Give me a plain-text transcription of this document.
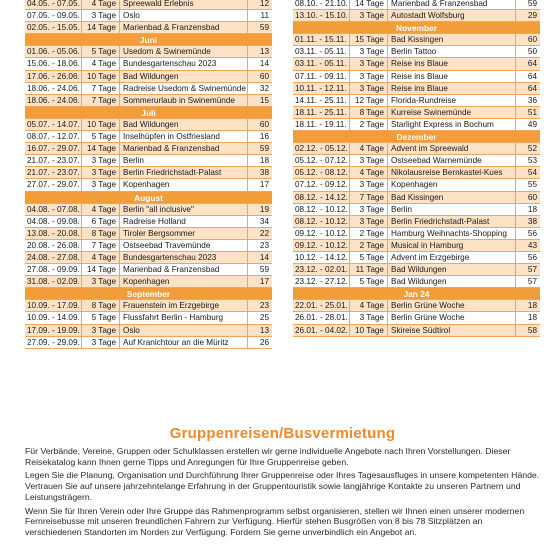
04.05. - 07.05.	4 Tage Spreewald Erlebnis	12
07.05. - 09.05.	3 Tage Oslo	11
02.05. - 15.05. 14 Tage Marienbad & Franzensbad	59
Juni
01.06. - 05.06.	5 Tage Usedom & Swinemünde	13
15.06. - 18.06.	4 Tage Bundesgartenschau 2023	14
17.06. - 26.06. 10 Tage Bad Wildungen	60
18.06. - 24.06.	7 Tage Radreise Usedom & Swinemünde	32
18.06. - 24.06.	7 Tage Sommerurlaub in Swinemünde	15
Juli
05.07. - 14.07. 10 Tage Bad Wildungen	60
08.07. - 12.07.	5 Tage Inselhüpfen in Ostfriesland	16
16.07. - 29.07. 14 Tage Marienbad & Franzensbad	59
21.07. - 23.07.	3 Tage Berlin	18
21.07. - 23.07.	3 Tage Berlin Friedrichstadt-Palast	38
27.07. - 29.07.	3 Tage Kopenhagen	17
August
04.08. - 07.08.	4 Tage Berlin "all inclusive"	19
04.08. - 09.08.	6 Tage Radreise Holland	34
13.08. - 20.08.	8 Tage Tiroler Bergsommer	22
20.08. - 26.08.	7 Tage Ostseebad Travemünde	23
24.08. - 27.08.	4 Tage Bundesgartenschau 2023	14
27.08. - 09.09. 14 Tage Marienbad & Franzensbad	59
31.08. - 02.09.	3 Tage Kopenhagen	17
September
10.09. - 17.09.	8 Tage Frauenstein im Erzgebirge	23
10.09. - 14.09.	5 Tage Flussfahrt Berlin - Hamburg	25
17.09. - 19.09.	3 Tage Oslo	13
27.09. - 29.09.	3 Tage Auf Kranichtour an die Müritz	26
08.10. - 21.10. 14 Tage Marienbad & Franzensbad	59
13.10. - 15.10.	3 Tage Autostadt Wolfsburg	29
November
01.11. - 15.11.	15 Tage Bad Kissingen	60
03.11. - 05.11.	3 Tage Berlin Tattoo	50
03.11. - 05.11.	3 Tage Reise ins Blaue	64
07.11. - 09.11.	3 Tage Reise ins Blaue	64
10.11. - 12.11.	3 Tage Reise ins Blaue	64
14.11. - 25.11.	12 Tage Florida-Rundreise	36
18.11. - 25.11.	8 Tage Kurreise Swinemünde	51
18.11. - 19.11.	2 Tage Starlight Express in Bochum	49
Dezember
02.12. - 05.12.	4 Tage Advent im Spreewald	52
05.12. - 07.12.	3 Tage Ostseebad Warnemünde	53
05.12. - 08.12.	4 Tage Nikolausreise Bernkastel-Kues	54
07.12. - 09.12.	3 Tage Kopenhagen	55
08.12. - 14.12.	7 Tage Bad Kissingen	60
08.12. - 10.12.	3 Tage Berlin	18
08.12. - 10.12.	3 Tage Berlin Friedrichstadt-Palast	38
09.12. - 10.12.	2 Tage Hamburg Weihnachts-Shopping	56
09.12. - 10.12.	2 Tage Musical in Hamburg	43
10.12. - 14.12.	5 Tage Advent im Erzgebirge	56
23.12. - 02.01. 11 Tage Bad Wildungen	57
23.12. - 27.12.	5 Tage Bad Wildungen	57
Jan 24
22.01. - 25.01.	4 Tage Berlin Grüne Woche	18
26.01. - 28.01.	3 Tage Berlin Grüne Woche	18
26.01. - 04.02. 10 Tage Skireise Südtirol	58
Gruppenreisen/Busvermietung

Für Verbände, Vereine, Gruppen oder Schulklassen erstellen wir gerne individuelle Angebote nach Ihren Vorstellungen. Dieser Reisekatalog kann Ihnen gerne Tipps und Anregungen für Ihre Gruppenreise geben.

Legen Sie die Planung, Organisation und Durchführung Ihrer Gruppenreise oder Ihres Tagesausfluges in unsere kompetenten Hände. Vertrauen Sie auf unsere jahrzehntelange Erfahrung in der Gruppentouristik sowie langjährige Kontakte zu unseren Partnern und Leistungsträgern.

Wenn Sie für Ihren Verein oder Ihre Gruppe das Rahmenprogramm selbst organisieren, stellen wir Ihnen einen unserer modernen Fernreisebusse mit unseren freundlichen Fahrern zur Verfügung. Hierfür stehen Busgrößen von 8 bis 78 Sitzplätzen an verschiedenen Standorten im Norden zur Verfügung. Fordern Sie gerne unverbindlich ein Angebot an.
